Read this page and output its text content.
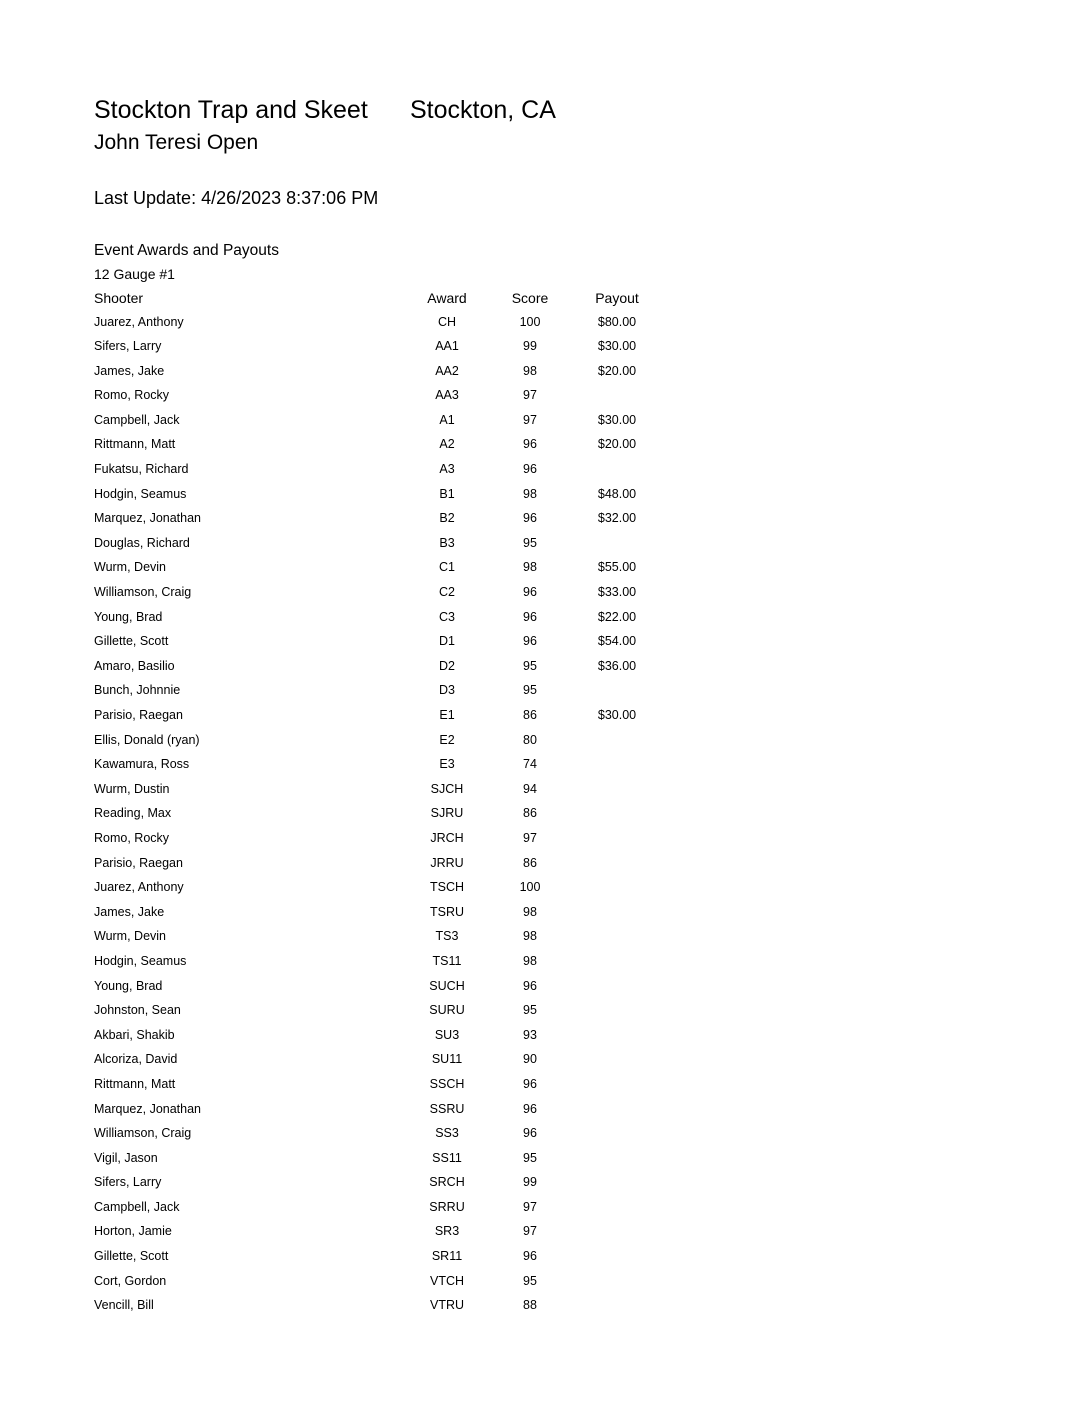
Stockton Trap and Skeet Stockton, CA
John Teresi Open
Last Update: 4/26/2023 8:37:06 PM
Event Awards and Payouts
12 Gauge #1
Shooter	Award	Score	Payout
Juarez, Anthony	CH	100	$80.00
Sifers, Larry	AA1	99	$30.00
James, Jake	AA2	98	$20.00
Romo, Rocky	AA3	97
Campbell, Jack	A1	97	$30.00
Rittmann, Matt	A2	96	$20.00
Fukatsu, Richard	A3	96
Hodgin, Seamus	B1	98	$48.00
Marquez, Jonathan	B2	96	$32.00
Douglas, Richard	B3	95
Wurm, Devin	C1	98	$55.00
Williamson, Craig	C2	96	$33.00
Young, Brad	C3	96	$22.00
Gillette, Scott	D1	96	$54.00
Amaro, Basilio	D2	95	$36.00
Bunch, Johnnie	D3	95
Parisio, Raegan	E1	86	$30.00
Ellis, Donald (ryan)	E2	80
Kawamura, Ross	E3	74
Wurm, Dustin	SJCH	94
Reading, Max	SJRU	86
Romo, Rocky	JRCH	97
Parisio, Raegan	JRRU	86
Juarez, Anthony	TSCH	100
James, Jake	TSRU	98
Wurm, Devin	TS3	98
Hodgin, Seamus	TS11	98
Young, Brad	SUCH	96
Johnston, Sean	SURU	95
Akbari, Shakib	SU3	93
Alcoriza, David	SU11	90
Rittmann, Matt	SSCH	96
Marquez, Jonathan	SSRU	96
Williamson, Craig	SS3	96
Vigil, Jason	SS11	95
Sifers, Larry	SRCH	99
Campbell, Jack	SRRU	97
Horton, Jamie	SR3	97
Gillette, Scott	SR11	96
Cort, Gordon	VTCH	95
Vencill, Bill	VTRU	88
